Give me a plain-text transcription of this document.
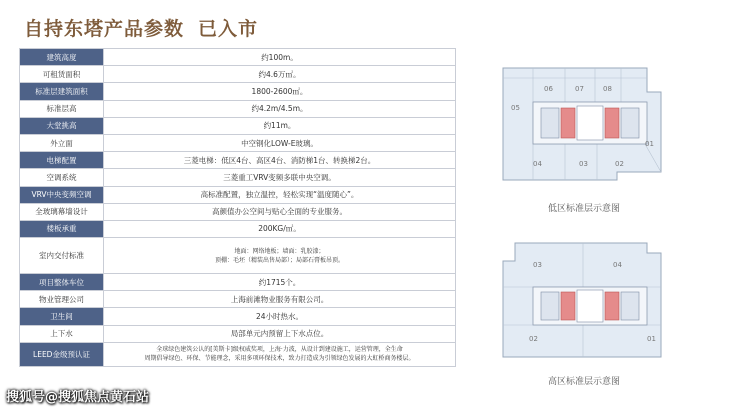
自持东塔产品参数 已入市
建筑高度	约100m。
可租赁面积	约4.6万㎡。
标准层建筑面积	1800-2600㎡。
标准层高	约4.2m/4.5m。
大堂挑高	约11m。
外立面	中空钢化LOW-E玻璃。
电梯配置	三菱电梯：低区4台、高区4台、消防梯1台、转换梯2台。
空调系统	三菱重工VRV变频多联中央空调。
VRV中央变频空调	高标准配置，独立温控，轻松实现“温度随心”。
全玻璃幕墙设计	高颜值办公空间与贴心全面的专业服务。
楼板承重	200KG/㎡。
室内交付标准	地面：网络地板；墙面：乳胶漆；
顶棚：毛坯（精装出售局部）；局部石膏板吊顶。

项目整体车位	约1715个。
物业管理公司	上海前滩物业服务有限公司。
卫生间	24小时热水。
上下水	局部单元内预留上下水点位。
LEED金级预认证	全球绿色建筑公认的[美斯卡]级权威奖项，上海·力波，从设计到建设施工，运营管理，全生命
周期倡导绿色、环保、节能理念，采用多项环保技术，致力打造成为引领绿色发展的大虹桥商务楼层。
05
06	07	08
01
04	03	02
低区标准层示意图
03	04
01
02
高区标准层示意图
搜狐号@搜狐焦点黄石站
